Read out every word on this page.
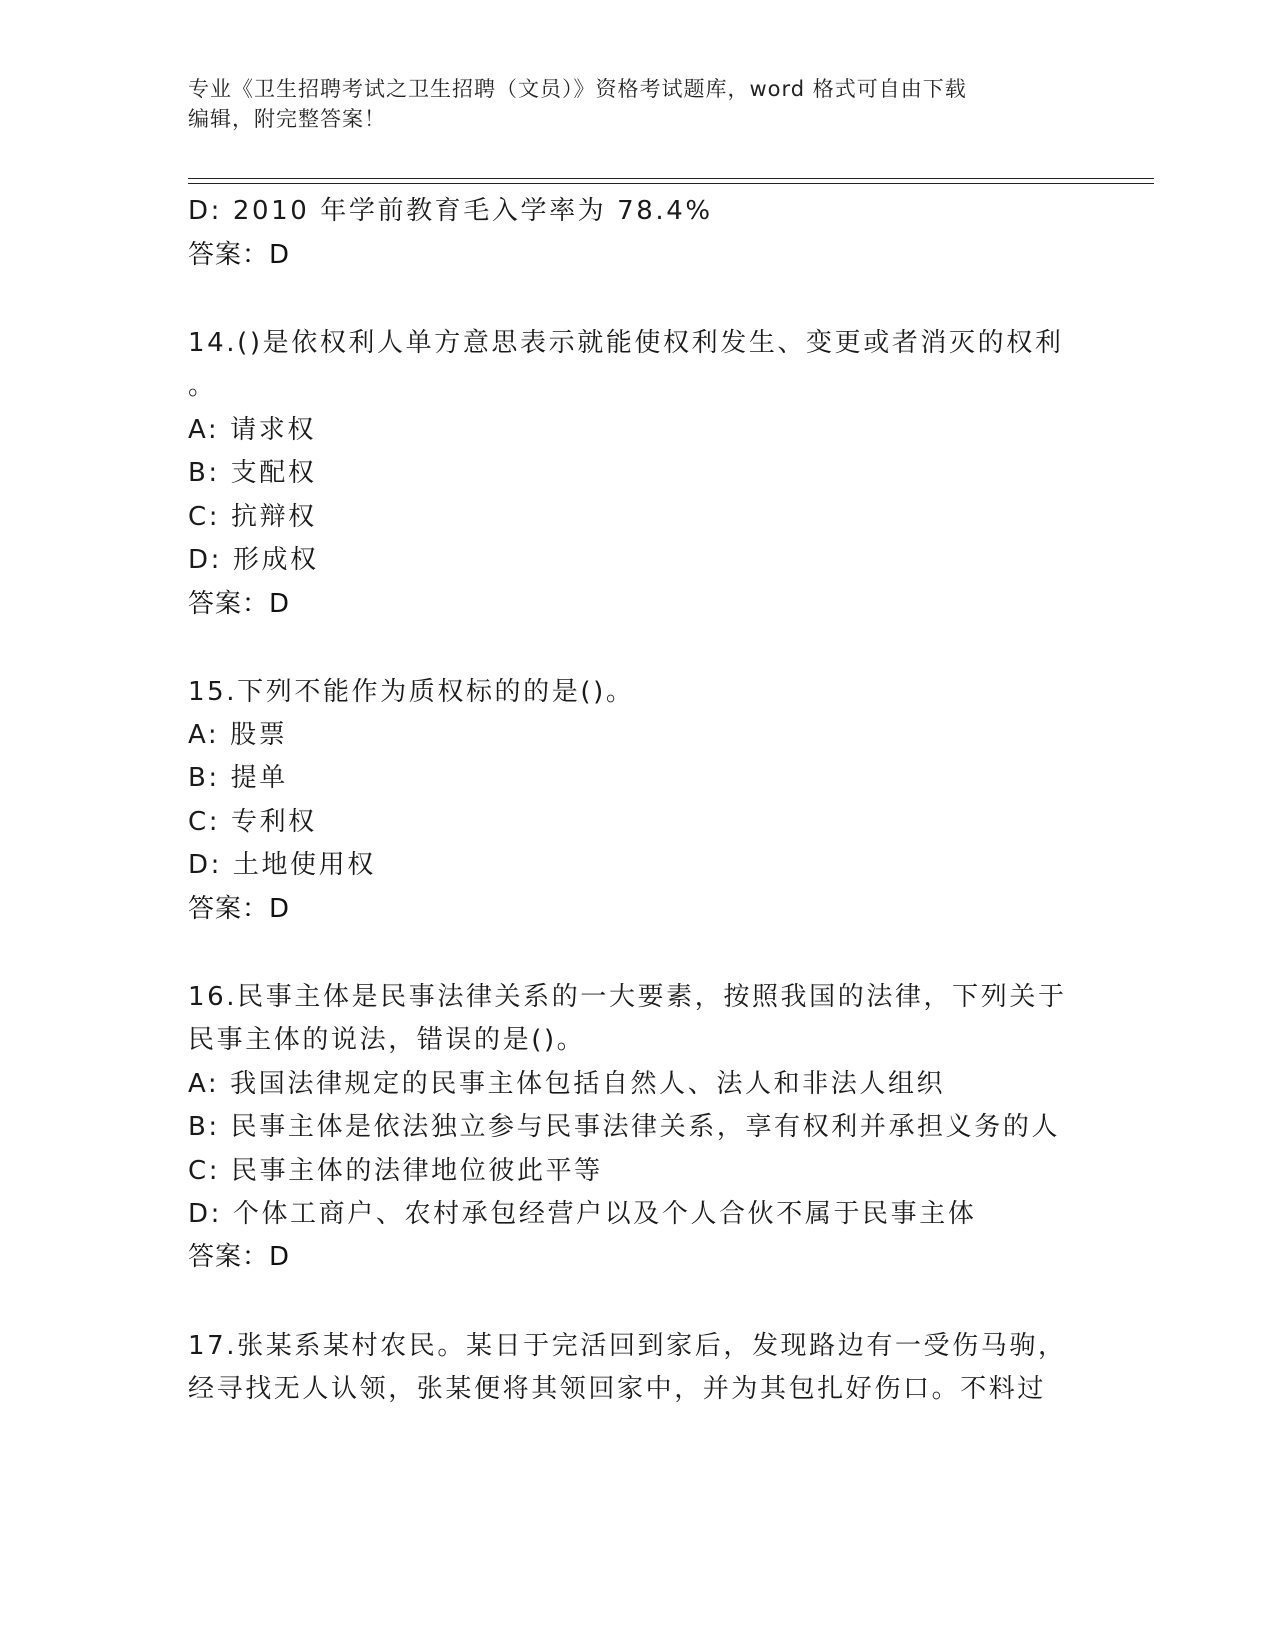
专业《卫生招聘考试之卫生招聘（文员）》资格考试题库，word 格式可自由下载
编辑，附完整答案！
D: 2010 年学前教育毛入学率为 78.4%
答案：D
14.()是依权利人单方意思表示就能使权利发生、变更或者消灭的权利
。
A: 请求权
B: 支配权
C: 抗辩权
D: 形成权
答案：D
15.下列不能作为质权标的的是()。
A: 股票
B: 提单
C: 专利权
D: 土地使用权
答案：D
16.民事主体是民事法律关系的一大要素，按照我国的法律，下列关于
民事主体的说法，错误的是()。
A: 我国法律规定的民事主体包括自然人、法人和非法人组织
B: 民事主体是依法独立参与民事法律关系，享有权利并承担义务的人
C: 民事主体的法律地位彼此平等
D: 个体工商户、农村承包经营户以及个人合伙不属于民事主体
答案：D
17.张某系某村农民。某日于完活回到家后，发现路边有一受伤马驹，
经寻找无人认领，张某便将其领回家中，并为其包扎好伤口。不料过
